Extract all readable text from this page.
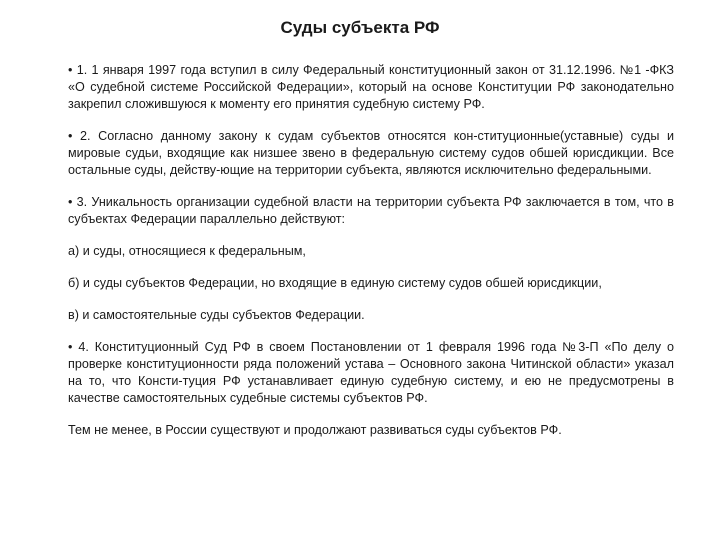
Суды субъекта РФ

• 1. 1 января 1997 года вступил в силу Федеральный конституционный закон от 31.12.1996. №1 -ФКЗ «О судебной системе Российской Федерации», который на основе Конституции РФ законодательно закрепил сложившуюся к моменту его принятия судебную систему РФ.

• 2. Согласно данному закону к судам субъектов относятся кон-ституционные(уставные) суды и мировые судьи, входящие как низшее звено в федеральную систему судов обшей юрисдикции. Все остальные суды, действу-ющие на территории субъекта, являются исключительно федеральными.

• 3. Уникальность организации судебной власти на территории субъекта РФ заключается в том, что в субъектах Федерации параллельно действуют:

а) и суды, относящиеся к федеральным,

б) и суды субъектов Федерации, но входящие в единую систему судов обшей юрисдикции,

в) и самостоятельные суды субъектов Федерации.

• 4. Конституционный Суд РФ в своем Постановлении от 1 февраля 1996 года №3-П «По делу о проверке конституционности ряда положений устава – Основного закона Читинской области» указал на то, что Консти-туция РФ устанавливает единую судебную систему, и ею не предусмотрены в качестве самостоятельных судебные системы субъектов РФ.

Тем не менее, в России существуют и продолжают развиваться суды субъектов РФ.
